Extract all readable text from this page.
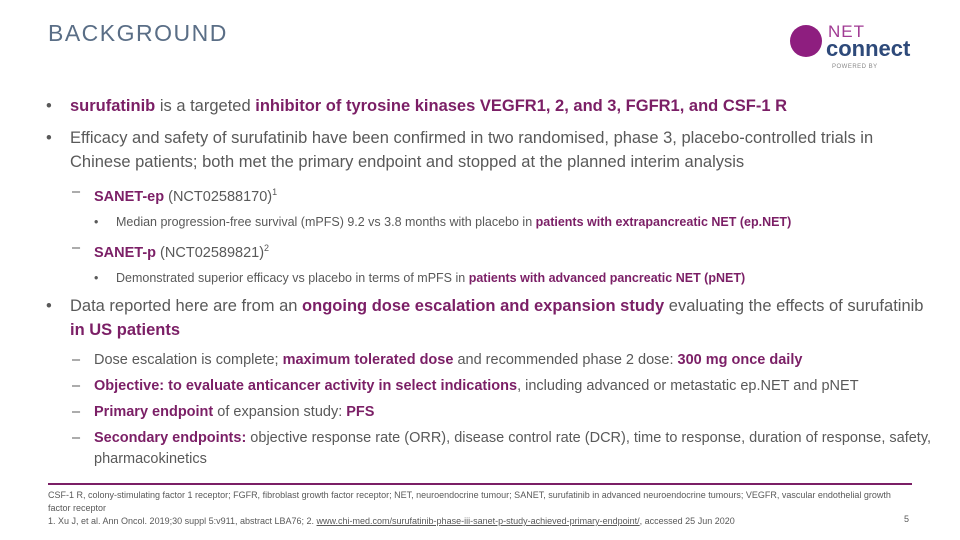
BACKGROUND	NET
connect
POWERED BY
• surufatinib is a targeted inhibitor of tyrosine kinases VEGFR1, 2, and 3, FGFR1, and CSF-1 R
• Efficacy and safety of surufatinib have been confirmed in two randomised, phase 3, placebo-controlled trials in Chinese patients; both met the primary endpoint and stopped at the planned interim analysis
– SANET-ep $(NCT02588170)^1$
• Median progression-free survival (mPFS) 9.2 vs 3.8 months with placebo in patients with extrapancreatic NET (ep.NET)
– SANET-p $(NCT02589821)^2$
• Demonstrated superior efficacy vs placebo in terms of mPFS in patients with advanced pancreatic NET (pNET)
• Data reported here are from an ongoing dose escalation and expansion study evaluating the effects of surufatinib in US patients
– Dose escalation is complete; maximum tolerated dose and recommended phase 2 dose: 300 mg once daily
– Objective: to evaluate anticancer activity in select indications, including advanced or metastatic ep.NET and pNET
– Primary endpoint of expansion study: PFS
– Secondary endpoints: objective response rate (ORR), disease control rate (DCR), time to response, duration of response, safety, pharmacokinetics
CSF-1 R, colony-stimulating factor 1 receptor; FGFR, fibroblast growth factor receptor; NET, neuroendocrine tumour; SANET, surufatinib in advanced neuroendocrine tumours; VEGFR, vascular endothelial growth factor receptor
1. Xu J, et al. Ann Oncol. 2019;30 suppl 5:v911, abstract LBA76; 2. www.chi-med.com/surufatinib-phase-iii-sanet-p-study-achieved-primary-endpoint/, accessed 25 Jun 2020	5
